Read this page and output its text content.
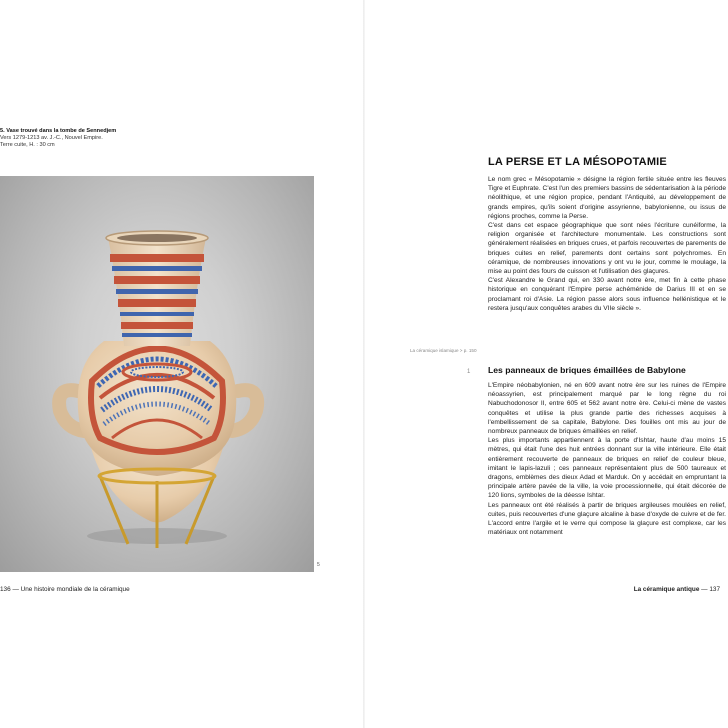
5. Vase trouvé dans la tombe de Sennedjem
Vers 1279-1213 av. J.-C., Nouvel Empire.
Terre cuite, H. : 30 cm
5
136 — Une histoire mondiale de la céramique
LA PERSE ET LA MÉSOPOTAMIE

Le nom grec « Mésopotamie » désigne la région fertile située entre les fleuves Tigre et Euphrate. C'est l'un des premiers bassins de sédentarisation à la période néolithique, et une région propice, pendant l'Antiquité, au développement de grands empires, qu'ils soient d'origine assyrienne, babylonienne, ou issus de régions proches, comme la Perse.

C'est dans cet espace géographique que sont nées l'écriture cunéiforme, la religion organisée et l'architecture monumentale. Les constructions sont généralement réalisées en briques crues, et parfois recouvertes de parements de briques cuites en relief, parements dont certains sont polychromes. En céramique, de nombreuses innovations y ont vu le jour, comme le moulage, la mise au point des fours de cuisson et l'utilisation des glaçures.

C'est Alexandre le Grand qui, en 330 avant notre ère, met fin à cette phase historique en conquérant l'Empire perse achéménide de Darius III et en se proclamant roi d'Asie. La région passe alors sous influence hellénistique et le restera jusqu'aux conquêtes arabes du VIIe siècle ».

La céramique islamique > p. 150
1 Les panneaux de briques émaillées de Babylone

L'Empire néobabylonien, né en 609 avant notre ère sur les ruines de l'Empire néoassyrien, est principalement marqué par le long règne du roi Nabuchodonosor II, entre 605 et 562 avant notre ère. Celui-ci mène de vastes conquêtes et utilise la plus grande partie des richesses acquises à l'embellissement de sa capitale, Babylone. Des fouilles ont mis au jour de nombreux panneaux de briques émaillées en relief.

Les plus importants appartiennent à la porte d'Ishtar, haute d'au moins 15 mètres, qui était l'une des huit entrées donnant sur la ville intérieure. Elle était entièrement recouverte de panneaux de briques en relief de couleur bleue, imitant le lapis-lazuli ; ces panneaux représentaient plus de 500 taureaux et dragons, emblèmes des dieux Adad et Marduk. On y accédait en empruntant la principale artère pavée de la ville, la voie processionnelle, qui était décorée de 120 lions, symboles de la déesse Ishtar.

Les panneaux ont été réalisés à partir de briques argileuses moulées en relief, cuites, puis recouvertes d'une glaçure alcaline à base d'oxyde de cuivre et de fer. L'accord entre l'argile et le verre qui compose la glaçure est complexe, car les matériaux ont notamment

La céramique antique — 137
